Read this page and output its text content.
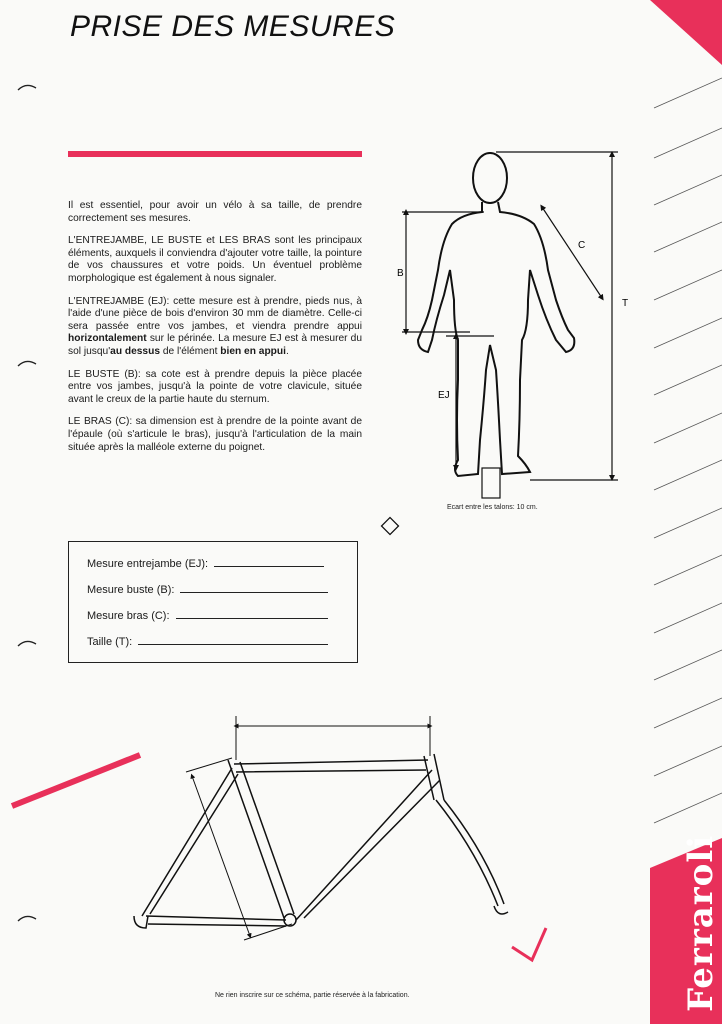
PRISE DES MESURES

Il est essentiel, pour avoir un vélo à sa taille, de prendre correctement ses mesures.

L'ENTREJAMBE, LE BUSTE et LES BRAS sont les principaux éléments, auxquels il conviendra d'ajouter votre taille, la pointure de vos chaussures et votre poids. Un éventuel problème morphologique est également à nous signaler.

L'ENTREJAMBE (EJ): cette mesure est à prendre, pieds nus, à l'aide d'une pièce de bois d'environ 30 mm de diamètre. Celle-ci sera passée entre vos jambes, et viendra prendre appui horizontalement sur le périnée. La mesure EJ est à mesurer du sol jusqu'au dessus de l'élément bien en appui.

LE BUSTE (B): sa cote est à prendre depuis la pièce placée entre vos jambes, jusqu'à la pointe de votre clavicule, située avant le creux de la partie haute du sternum.

LE BRAS (C): sa dimension est à prendre de la pointe avant de l'épaule (où s'articule le bras), jusqu'à l'articulation de la main située après la malléole externe du poignet.

B
C
T
EJ
Ecart entre les talons: 10 cm.
Mesure entrejambe (EJ):
Mesure buste (B):
Mesure bras (C):
Taille (T):
Ne rien inscrire sur ce schéma, partie réservée à la fabrication.	Ferraroli
